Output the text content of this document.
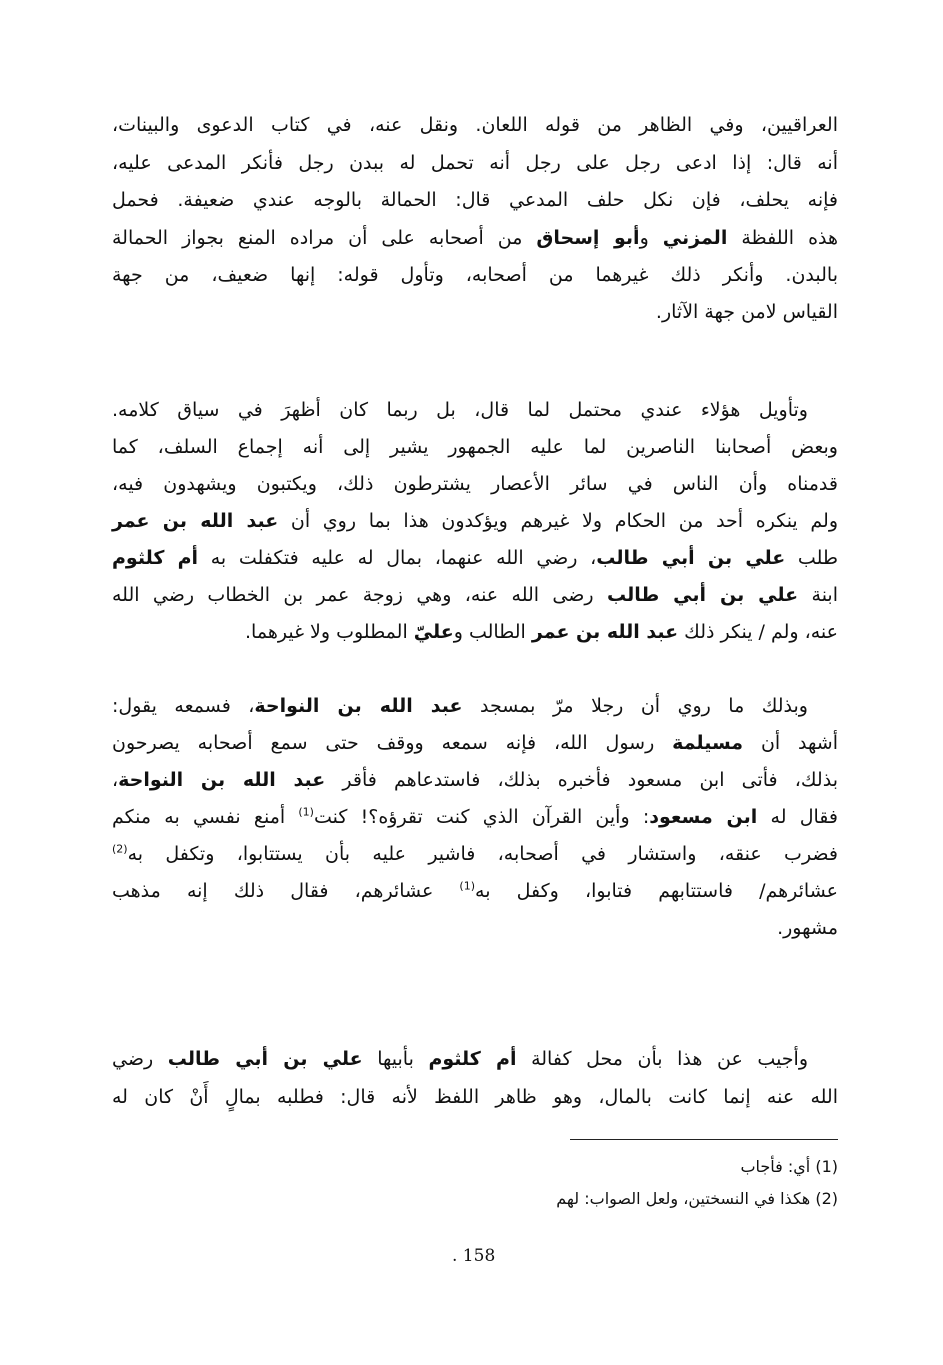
العراقيين، وفي الظاهر من قوله اللعان. ونقل عنه، في كتاب الدعوى والبينات،
أنه قال: إذا ادعى رجل على رجل أنه تحمل له ببدن رجل فأنكر المدعى عليه،
فإنه يحلف، فإن نكل حلف المدعي قال: الحمالة بالوجه عندي ضعيفة. فحمل
هذه اللفظة المزني وأبو إسحاق من أصحابه على أن مراده المنع بجواز الحمالة
بالبدن. وأنكر ذلك غيرهما من أصحابه، وتأول قوله: إنها ضعيف، من جهة
القياس لامن جهة الآثار.
وتأويل هؤلاء عندي محتمل لما قال، بل ربما كان أظهرَ في سياق كلامه.
وبعض أصحابنا الناصرين لما عليه الجمهور يشير إلى أنه إجماع السلف، كما
قدمناه وأن الناس في سائر الأعصار يشترطون ذلك، ويكتبون ويشهدون فيه،
ولم ينكره أحد من الحكام ولا غيرهم ويؤكدون هذا بما روي أن عبد الله بن عمر
طلب علي بن أبي طالب، رضي الله عنهما، بمال له عليه فتكفلت به أم كلثوم
ابنة علي بن أبي طالب رضى الله عنه، وهي زوجة عمر بن الخطاب رضي الله
عنه، ولم / ينكر ذلك عبد الله بن عمر الطالب وعليّ المطلوب ولا غيرهما.
وبذلك ما روي أن رجلا مرّ بمسجد عبد الله بن النواحة، فسمعه يقول:
أشهد أن مسيلمة رسول الله، فإنه سمعه ووقف حتى سمع أصحابه يصرحون
بذلك، فأتى ابن مسعود فأخبره بذلك، فاستدعاهم فأقر عبد الله بن النواحة،
فقال له ابن مسعود: وأين القرآن الذي كنت تقرؤه؟! كنت$^{(1)}$ أمنع نفسي به منكم
فضرب عنقه، واستشار في أصحابه، فاشير عليه بأن يستتابوا، وتكفل به$^{(2)}$
عشائرهم/ فاستتابهم فتابوا، وكفل به$^{(1)}$ عشائرهم، فقال ذلك إنه مذهب
مشهور.
وأجيب عن هذا بأن محل كفالة أم كلثوم بأبيها علي بن أبي طالب رضي
الله عنه إنما كانت بالمال، وهو ظاهر اللفظ لأنه قال: فطلبه بمالٍ أَنْ كان له
(1) أي: فأجاب
(2) هكذا في النسختين، ولعل الصواب: لهم
. 158
